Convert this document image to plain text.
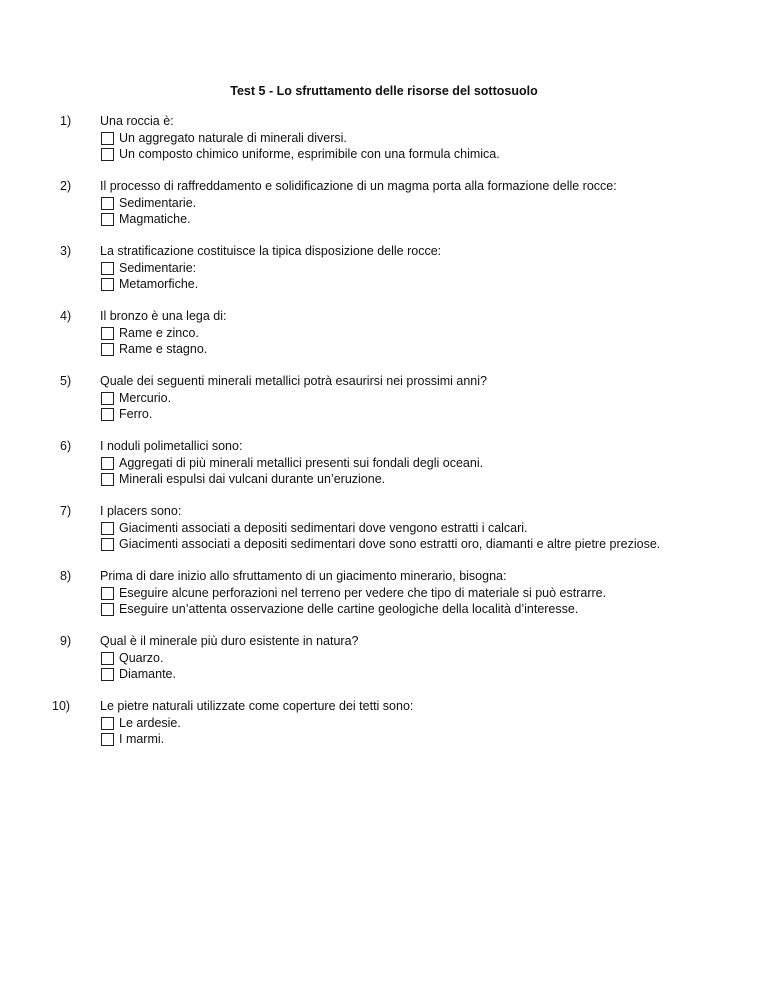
Test 5 - Lo sfruttamento delle risorse del sottosuolo
1)	Una roccia è:
Un aggregato naturale di minerali diversi.
Un composto chimico uniforme, esprimibile con una formula chimica.
2)	Il processo di raffreddamento e solidificazione di un magma porta alla formazione delle rocce:
Sedimentarie.
Magmatiche.
3)	La stratificazione costituisce la tipica disposizione delle rocce:
Sedimentarie:
Metamorfiche.
4)	Il bronzo è una lega di:
Rame e zinco.
Rame e stagno.
5)	Quale dei seguenti minerali metallici potrà esaurirsi nei prossimi anni?
Mercurio.
Ferro.
6)	I noduli polimetallici sono:
Aggregati di più minerali metallici presenti sui fondali degli oceani.
Minerali espulsi dai vulcani durante un’eruzione.
7)	I placers sono:
Giacimenti associati a depositi sedimentari dove vengono estratti i calcari.
Giacimenti associati a depositi sedimentari dove sono estratti oro, diamanti e altre pietre preziose.
8)	Prima di dare inizio allo sfruttamento di un giacimento minerario, bisogna:
Eseguire alcune perforazioni nel terreno per vedere che tipo di materiale si può estrarre.
Eseguire un’attenta osservazione delle cartine geologiche della località d’interesse.
9)	Qual è il minerale più duro esistente in natura?
Quarzo.
Diamante.
10)	Le pietre naturali utilizzate come coperture dei tetti sono:
Le ardesie.
I marmi.
